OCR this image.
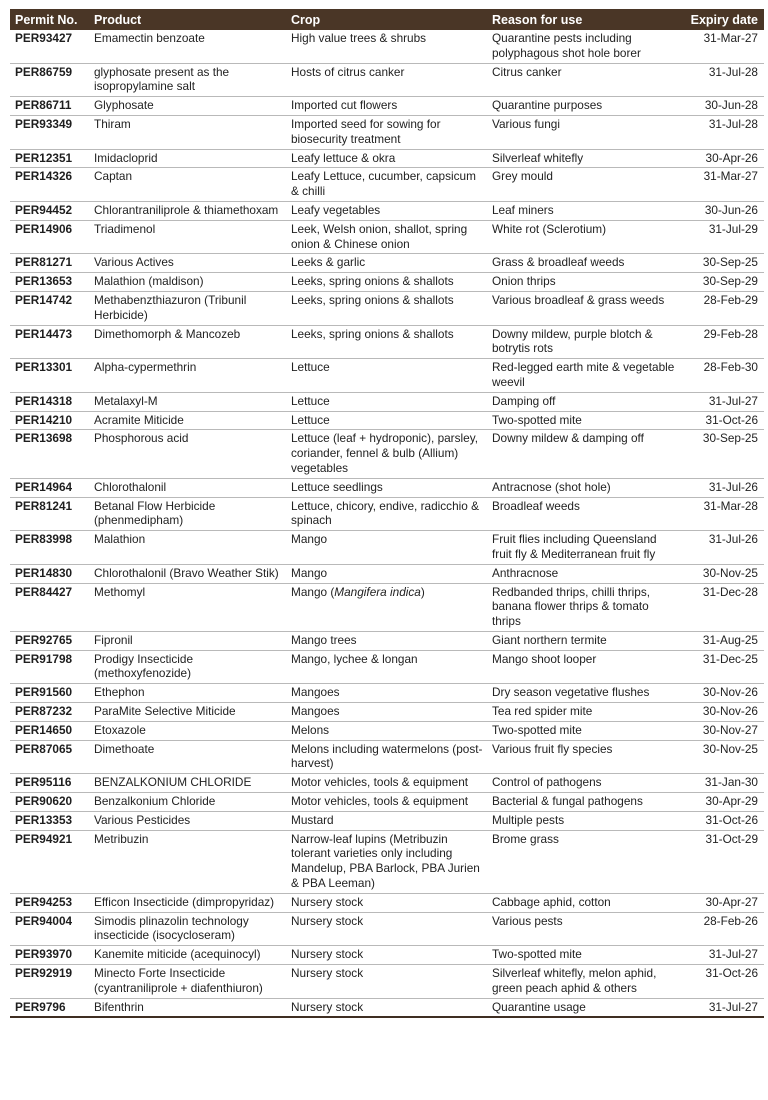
Permit No.	Product	Crop	Reason for use	Expiry date
PER93427	Emamectin benzoate	High value trees & shrubs	Quarantine pests including polyphagous shot hole borer	31-Mar-27
PER86759	glyphosate present as the isopropylamine salt	Hosts of citrus canker	Citrus canker	31-Jul-28
PER86711	Glyphosate	Imported cut flowers	Quarantine purposes	30-Jun-28
PER93349	Thiram	Imported seed for sowing for biosecurity treatment	Various fungi	31-Jul-28
PER12351	Imidacloprid	Leafy lettuce & okra	Silverleaf whitefly	30-Apr-26
PER14326	Captan	Leafy Lettuce, cucumber, capsicum & chilli	Grey mould	31-Mar-27
PER94452	Chlorantraniliprole & thiamethoxam	Leafy vegetables	Leaf miners	30-Jun-26
PER14906	Triadimenol	Leek, Welsh onion, shallot, spring onion & Chinese onion	White rot (Sclerotium)	31-Jul-29
PER81271	Various Actives	Leeks & garlic	Grass & broadleaf weeds	30-Sep-25
PER13653	Malathion (maldison)	Leeks, spring onions & shallots	Onion thrips	30-Sep-29
PER14742	Methabenzthiazuron (Tribunil Herbicide)	Leeks, spring onions & shallots	Various broadleaf & grass weeds	28-Feb-29
PER14473	Dimethomorph & Mancozeb	Leeks, spring onions & shallots	Downy mildew, purple blotch & botrytis rots	29-Feb-28
PER13301	Alpha-cypermethrin	Lettuce	Red-legged earth mite & vegetable weevil	28-Feb-30
PER14318	Metalaxyl-M	Lettuce	Damping off	31-Jul-27
PER14210	Acramite Miticide	Lettuce	Two-spotted mite	31-Oct-26
PER13698	Phosphorous acid	Lettuce (leaf + hydroponic), parsley, coriander, fennel & bulb (Allium) vegetables	Downy mildew & damping off	30-Sep-25
PER14964	Chlorothalonil	Lettuce seedlings	Antracnose (shot hole)	31-Jul-26
PER81241	Betanal Flow Herbicide (phenmedipham)	Lettuce, chicory, endive, radicchio & spinach	Broadleaf weeds	31-Mar-28
PER83998	Malathion	Mango	Fruit flies including Queensland fruit fly & Mediterranean fruit fly	31-Jul-26
PER14830	Chlorothalonil (Bravo Weather Stik)	Mango	Anthracnose	30-Nov-25
PER84427	Methomyl	Mango (Mangifera indica)	Redbanded thrips, chilli thrips, banana flower thrips & tomato thrips	31-Dec-28
PER92765	Fipronil	Mango trees	Giant northern termite	31-Aug-25
PER91798	Prodigy Insecticide (methoxyfenozide)	Mango, lychee & longan	Mango shoot looper	31-Dec-25
PER91560	Ethephon	Mangoes	Dry season vegetative flushes	30-Nov-26
PER87232	ParaMite Selective Miticide	Mangoes	Tea red spider mite	30-Nov-26
PER14650	Etoxazole	Melons	Two-spotted mite	30-Nov-27
PER87065	Dimethoate	Melons including watermelons (post-harvest)	Various fruit fly species	30-Nov-25
PER95116	BENZALKONIUM CHLORIDE	Motor vehicles, tools & equipment	Control of pathogens	31-Jan-30
PER90620	Benzalkonium Chloride	Motor vehicles, tools & equipment	Bacterial & fungal pathogens	30-Apr-29
PER13353	Various Pesticides	Mustard	Multiple pests	31-Oct-26
PER94921	Metribuzin	Narrow-leaf lupins (Metribuzin tolerant varieties only including Mandelup, PBA Barlock, PBA Jurien & PBA Leeman)	Brome grass	31-Oct-29
PER94253	Efficon Insecticide (dimpropyridaz)	Nursery stock	Cabbage aphid, cotton	30-Apr-27
PER94004	Simodis plinazolin technology insecticide (isocycloseram)	Nursery stock	Various pests	28-Feb-26
PER93970	Kanemite miticide (acequinocyl)	Nursery stock	Two-spotted mite	31-Jul-27
PER92919	Minecto Forte Insecticide (cyantraniliprole + diafenthiuron)	Nursery stock	Silverleaf whitefly, melon aphid, green peach aphid & others	31-Oct-26
PER9796	Bifenthrin	Nursery stock	Quarantine usage	31-Jul-27
